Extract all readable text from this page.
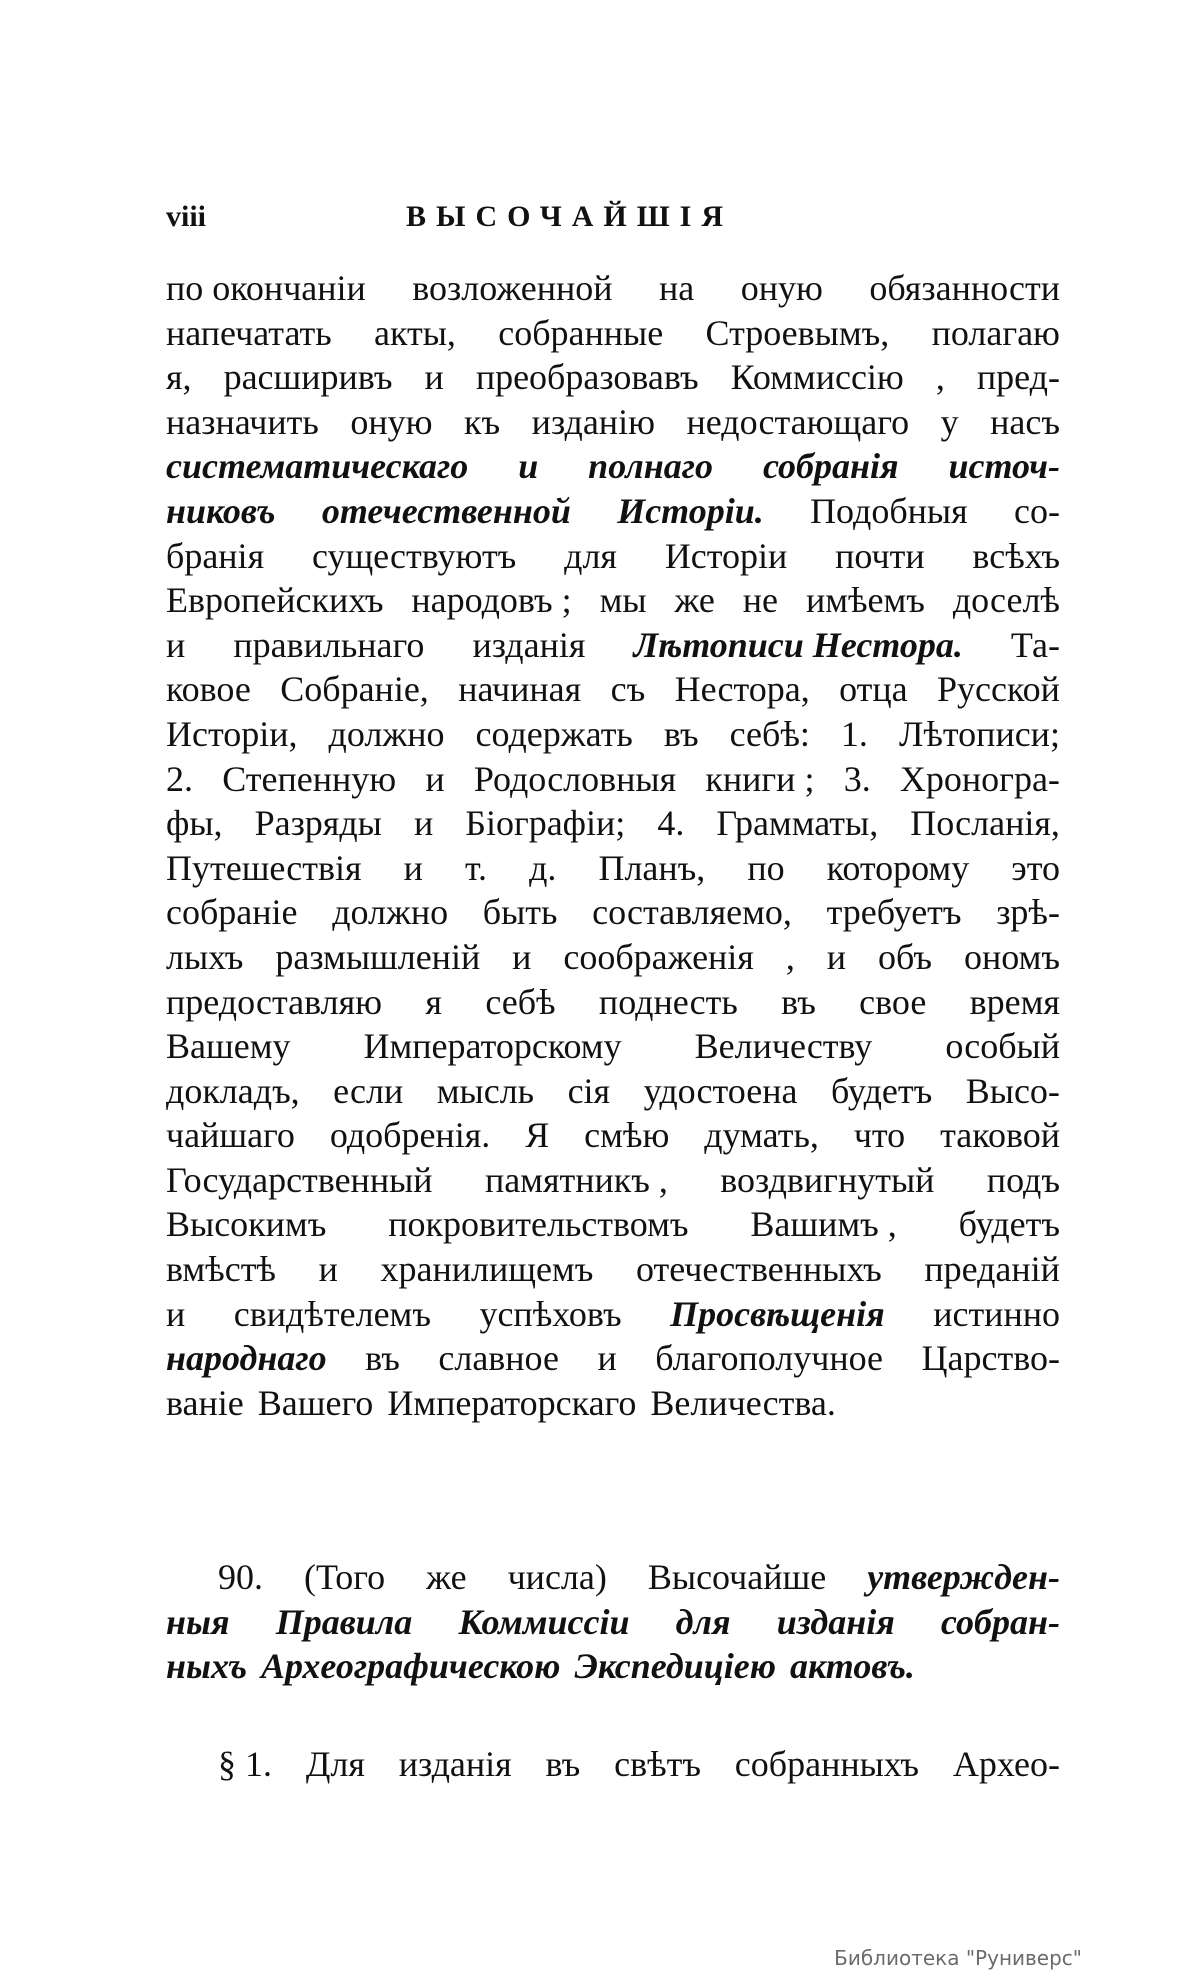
viii	ВЫСОЧАЙШІЯ
по окончаніи возложенной на оную обязанности
напечатать акты, собранные Строевымъ, полагаю
я, расширивъ и преобразовавъ Коммиссію , пред-
назначить оную къ изданію недостающаго у насъ
систематическаго и полнаго собранія источ-
никовъ отечественной Исторіи. Подобныя со-
бранія существуютъ для Исторіи почти всѣхъ
Европейскихъ народовъ ; мы же не имѣемъ доселѣ
и правильнаго изданія Лѣтописи Нестора. Та-
ковое Собраніе, начиная съ Нестора, отца Русской
Исторіи, должно содержать въ себѣ: 1. Лѣтописи;
2. Степенную и Родословныя книги ; 3. Хроногра-
фы, Разряды и Біографіи; 4. Грамматы, Посланія,
Путешествія и т. д. Планъ, по которому это
собраніе должно быть составляемо, требуетъ зрѣ-
лыхъ размышленій и соображенія , и объ ономъ
предоставляю я себѣ поднесть въ свое время
Вашему Императорскому Величеству особый
докладъ, если мысль сія удостоена будетъ Высо-
чайшаго одобренія. Я смѣю думать, что таковой
Государственный памятникъ , воздвигнутый подъ
Высокимъ покровительствомъ Вашимъ , будетъ
вмѣстѣ и хранилищемъ отечественныхъ преданій
и свидѣтелемъ успѣховъ Просвѣщенія истинно
народнаго въ славное и благополучное Царство-
ваніе Вашего Императорскаго Величества.
90. (Того же числа) Высочайше утвержден-
ныя Правила Коммиссіи для изданія собран-
ныхъ Археографическою Экспедиціею актовъ.
§ 1. Для изданія въ свѣтъ собранныхъ Архео-
Библиотека "Руниверс"
